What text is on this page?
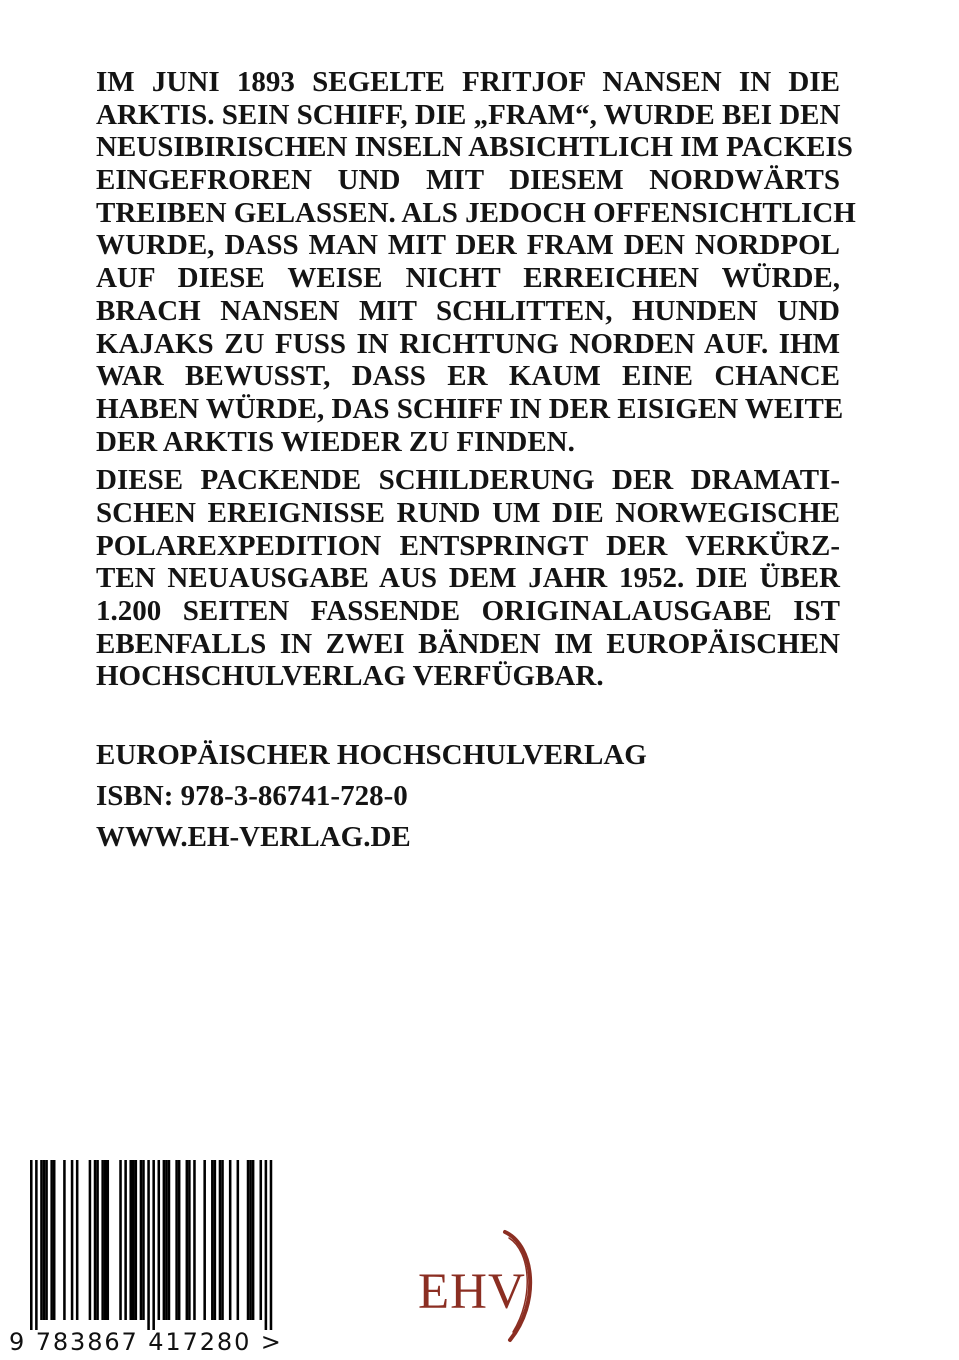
IM JUNI 1893 SEGELTE FRITJOF NANSEN IN DIE
ARKTIS. SEIN SCHIFF, DIE „FRAM“, WURDE BEI DEN
NEUSIBIRISCHEN INSELN ABSICHTLICH IM PACKEIS
EINGEFROREN UND MIT DIESEM NORDWÄRTS
TREIBEN GELASSEN. ALS JEDOCH OFFENSICHTLICH
WURDE, DASS MAN MIT DER FRAM DEN NORDPOL
AUF DIESE WEISE NICHT ERREICHEN WÜRDE,
BRACH NANSEN MIT SCHLITTEN, HUNDEN UND
KAJAKS ZU FUSS IN RICHTUNG NORDEN AUF. IHM
WAR BEWUSST, DASS ER KAUM EINE CHANCE
HABEN WÜRDE, DAS SCHIFF IN DER EISIGEN WEITE
DER ARKTIS WIEDER ZU FINDEN.

DIESE PACKENDE SCHILDERUNG DER DRAMATI-
SCHEN EREIGNISSE RUND UM DIE NORWEGISCHE
POLAREXPEDITION ENTSPRINGT DER VERKÜRZ-
TEN NEUAUSGABE AUS DEM JAHR 1952. DIE ÜBER
1.200 SEITEN FASSENDE ORIGINALAUSGABE IST
EBENFALLS IN ZWEI BÄNDEN IM EUROPÄISCHEN
HOCHSCHULVERLAG VERFÜGBAR.

EUROPÄISCHER HOCHSCHULVERLAG
ISBN: 978-3-86741-728-0
WWW.EH-VERLAG.DE
9 783867 417280 >
EHV
